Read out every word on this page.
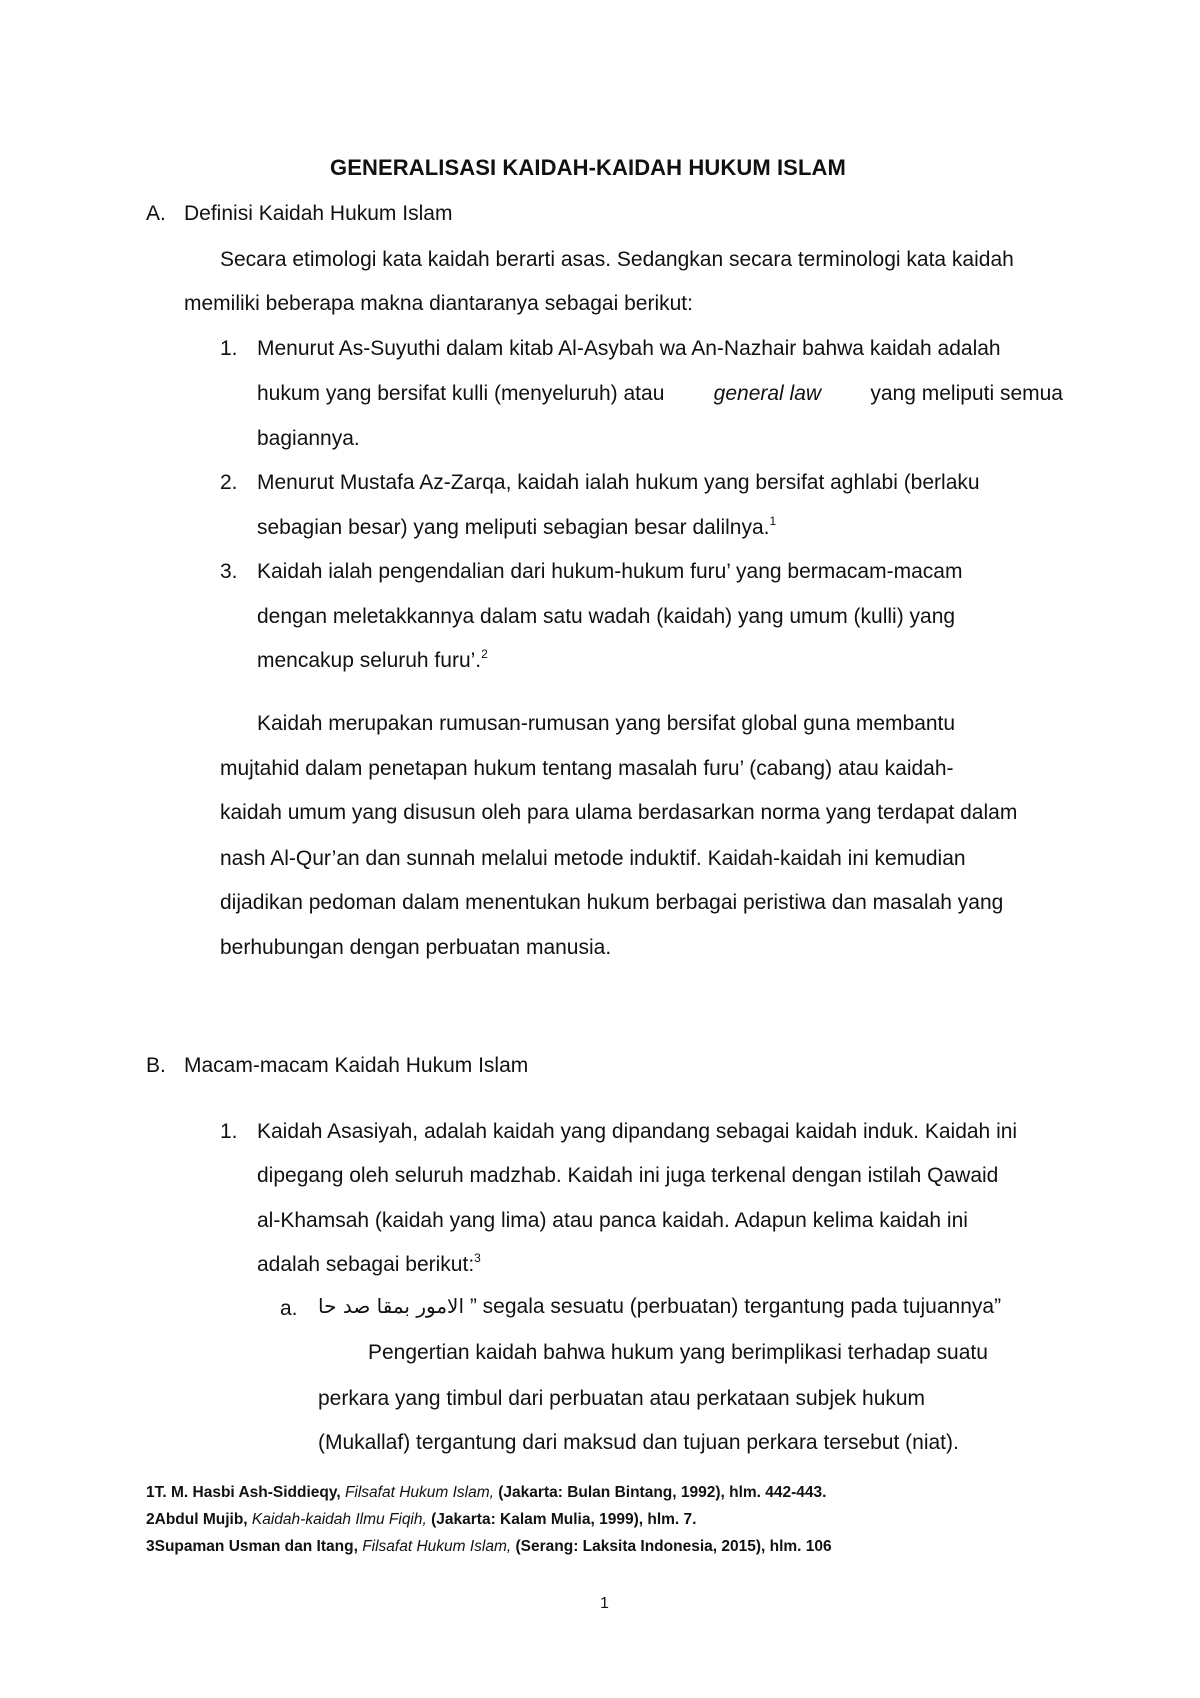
GENERALISASI KAIDAH-KAIDAH HUKUM ISLAM
A. Definisi Kaidah Hukum Islam
Secara etimologi kata kaidah berarti asas. Sedangkan secara terminologi kata kaidah
memiliki beberapa makna diantaranya sebagai berikut:
1. Menurut As-Suyuthi dalam kitab Al-Asybah wa An-Nazhair bahwa kaidah adalah
hukum yang bersifat kulli (menyeluruh) atau general law yang meliputi semua
bagiannya.
2. Menurut Mustafa Az-Zarqa, kaidah ialah hukum yang bersifat aghlabi (berlaku
sebagian besar) yang meliputi sebagian besar dalilnya.$^1$
3. Kaidah ialah pengendalian dari hukum-hukum furu’ yang bermacam-macam
dengan meletakkannya dalam satu wadah (kaidah) yang umum (kulli) yang
mencakup seluruh furu’.$^2$
Kaidah merupakan rumusan-rumusan yang bersifat global guna membantu
mujtahid dalam penetapan hukum tentang masalah furu’ (cabang) atau kaidah-
kaidah umum yang disusun oleh para ulama berdasarkan norma yang terdapat dalam
nash Al-Qur’an dan sunnah melalui metode induktif. Kaidah-kaidah ini kemudian
dijadikan pedoman dalam menentukan hukum berbagai peristiwa dan masalah yang
berhubungan dengan perbuatan manusia.
B. Macam-macam Kaidah Hukum Islam
1. Kaidah Asasiyah, adalah kaidah yang dipandang sebagai kaidah induk. Kaidah ini
dipegang oleh seluruh madzhab. Kaidah ini juga terkenal dengan istilah Qawaid
al-Khamsah (kaidah yang lima) atau panca kaidah. Adapun kelima kaidah ini
adalah sebagai berikut:$^3$
a. الامور بمقا صد حا ” segala sesuatu (perbuatan) tergantung pada tujuannya”
Pengertian kaidah bahwa hukum yang berimplikasi terhadap suatu
perkara yang timbul dari perbuatan atau perkataan subjek hukum
(Mukallaf) tergantung dari maksud dan tujuan perkara tersebut (niat).
1T. M. Hasbi Ash-Siddieqy, Filsafat Hukum Islam, (Jakarta: Bulan Bintang, 1992), hlm. 442-443.
2Abdul Mujib, Kaidah-kaidah Ilmu Fiqih, (Jakarta: Kalam Mulia, 1999), hlm. 7.
3Supaman Usman dan Itang, Filsafat Hukum Islam, (Serang: Laksita Indonesia, 2015), hlm. 106
1
